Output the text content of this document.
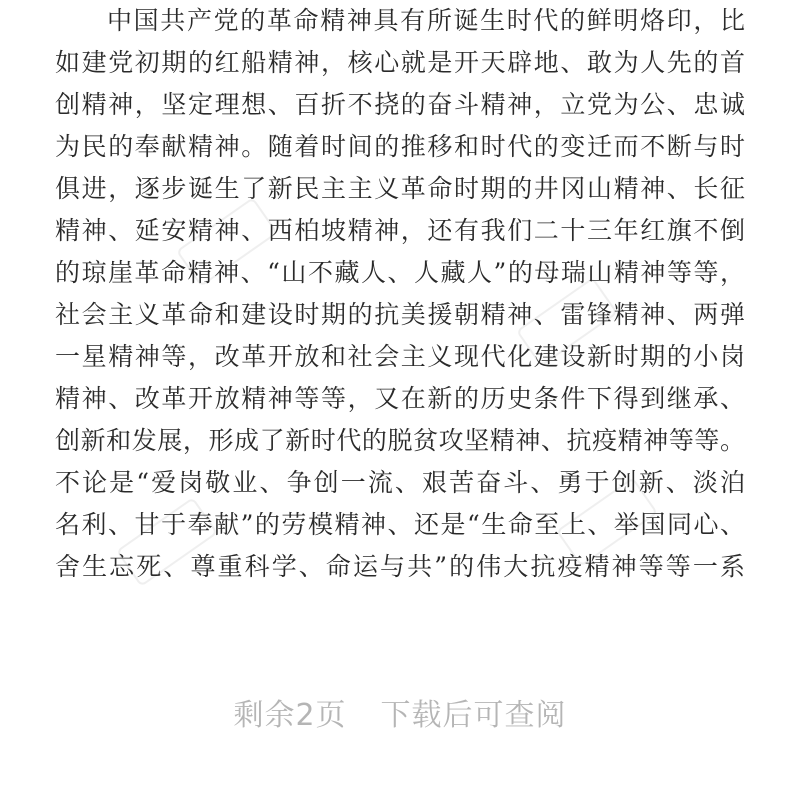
中国共产党的革命精神具有所诞生时代的鲜明烙印，比
如建党初期的红船精神，核心就是开天辟地、敢为人先的首
创精神，坚定理想、百折不挠的奋斗精神，立党为公、忠诚
为民的奉献精神。随着时间的推移和时代的变迁而不断与时
俱进，逐步诞生了新民主主义革命时期的井冈山精神、长征
精神、延安精神、西柏坡精神，还有我们二十三年红旗不倒
的琼崖革命精神、“山不藏人、人藏人”的母瑞山精神等等，
社会主义革命和建设时期的抗美援朝精神、雷锋精神、两弹
一星精神等，改革开放和社会主义现代化建设新时期的小岗
精神、改革开放精神等等，又在新的历史条件下得到继承、
创新和发展，形成了新时代的脱贫攻坚精神、抗疫精神等等。
不论是“爱岗敬业、争创一流、艰苦奋斗、勇于创新、淡泊
名利、甘于奉献”的劳模精神、还是“生命至上、举国同心、
舍生忘死、尊重科学、命运与共”的伟大抗疫精神等等一系
剩余2页 下载后可查阅
